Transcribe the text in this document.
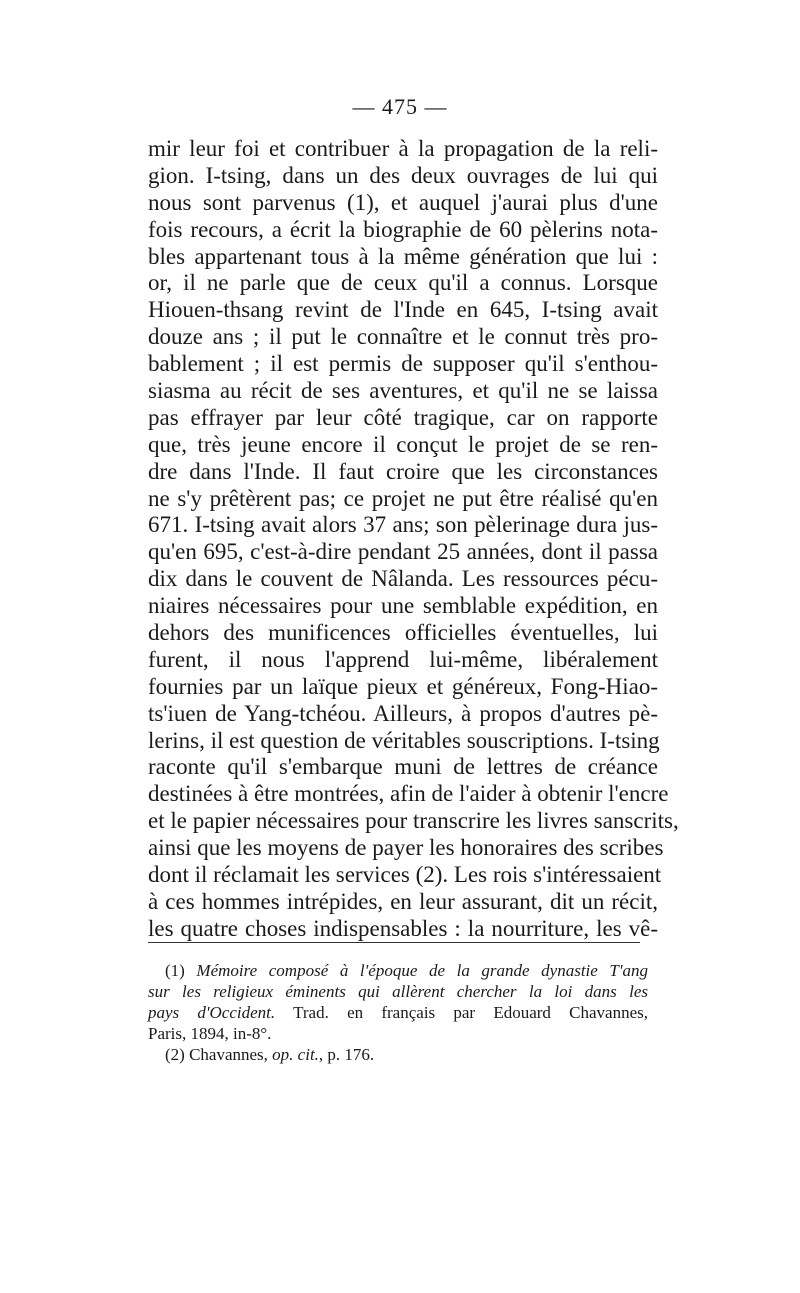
— 475 —
mir leur foi et contribuer à la propagation de la reli-
gion. I-tsing, dans un des deux ouvrages de lui qui
nous sont parvenus (1), et auquel j'aurai plus d'une
fois recours, a écrit la biographie de 60 pèlerins nota-
bles appartenant tous à la même génération que lui :
or, il ne parle que de ceux qu'il a connus. Lorsque
Hiouen-thsang revint de l'Inde en 645, I-tsing avait
douze ans ; il put le connaître et le connut très pro-
bablement ; il est permis de supposer qu'il s'enthou-
siasma au récit de ses aventures, et qu'il ne se laissa
pas effrayer par leur côté tragique, car on rapporte
que, très jeune encore il conçut le projet de se ren-
dre dans l'Inde. Il faut croire que les circonstances
ne s'y prêtèrent pas; ce projet ne put être réalisé qu'en
671. I-tsing avait alors 37 ans; son pèlerinage dura jus-
qu'en 695, c'est-à-dire pendant 25 années, dont il passa
dix dans le couvent de Nâlanda. Les ressources pécu-
niaires nécessaires pour une semblable expédition, en
dehors des munificences officielles éventuelles, lui
furent, il nous l'apprend lui-même, libéralement
fournies par un laïque pieux et généreux, Fong-Hiao-
ts'iuen de Yang-tchéou. Ailleurs, à propos d'autres pè-
lerins, il est question de véritables souscriptions. I-tsing
raconte qu'il s'embarque muni de lettres de créance
destinées à être montrées, afin de l'aider à obtenir l'encre
et le papier nécessaires pour transcrire les livres sanscrits,
ainsi que les moyens de payer les honoraires des scribes
dont il réclamait les services (2). Les rois s'intéressaient
à ces hommes intrépides, en leur assurant, dit un récit,
les quatre choses indispensables : la nourriture, les vê-
 (1) Mémoire composé à l'époque de la grande dynastie T'ang
sur les religieux éminents qui allèrent chercher la loi dans les
pays d'Occident. Trad. en français par Edouard Chavannes,
Paris, 1894, in-8°.
 (2) Chavannes, op. cit., p. 176.
